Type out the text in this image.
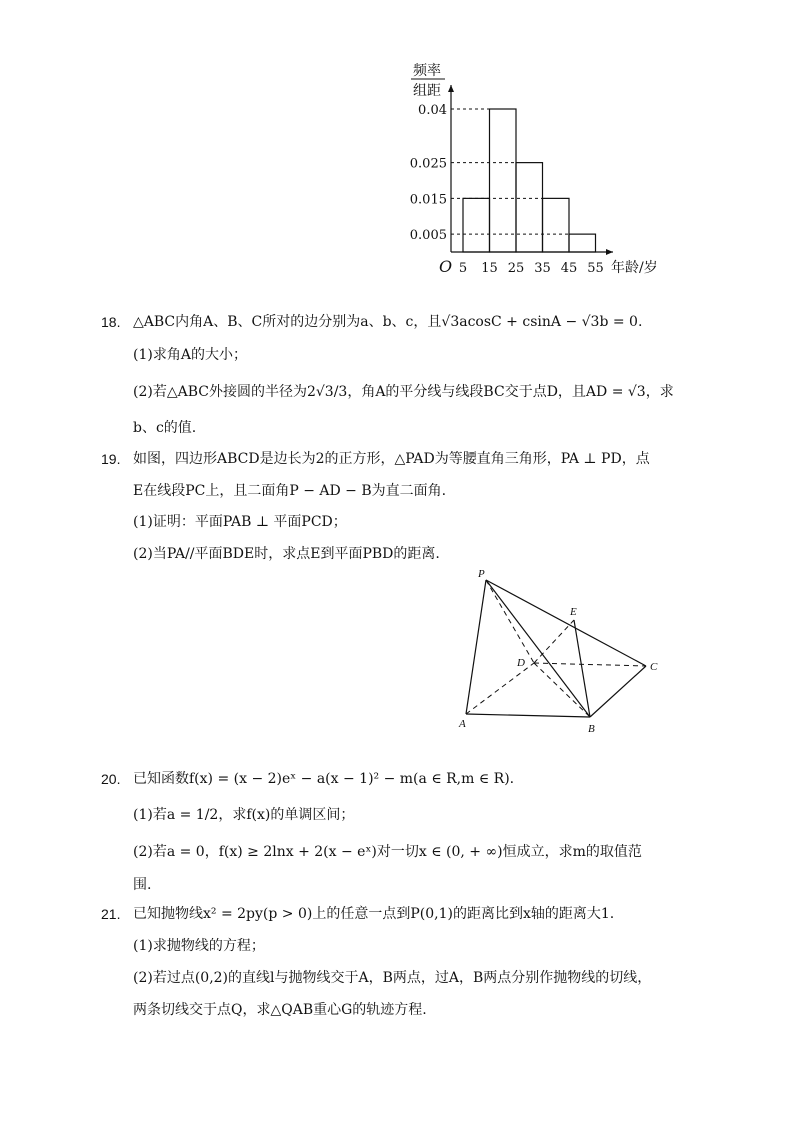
频率
组距
0.04
0.025
0.015
0.005
5 15 25 35 45 55
O	年龄/岁
18. △ABC内角A、B、C所对的边分别为a、b、c，且√3acosC + csinA − √3b = 0.
(1)求角A的大小；
(2)若△ABC外接圆的半径为2√3/3，角A的平分线与线段BC交于点D，且AD = √3，求
b、c的值.
19. 如图，四边形ABCD是边长为2的正方形，△PAD为等腰直角三角形，PA ⊥ PD，点
E在线段PC上，且二面角P − AD − B为直二面角.
(1)证明：平面PAB ⊥ 平面PCD；
(2)当PA//平面BDE时，求点E到平面PBD的距离.
P
E
D	C
A	B
20. 已知函数f(x) = (x − 2)eˣ − a(x − 1)² − m(a ∈ R,m ∈ R).
(1)若a = 1/2，求f(x)的单调区间；
(2)若a = 0，f(x) ≥ 2lnx + 2(x − eˣ)对一切x ∈ (0, + ∞)恒成立，求m的取值范
围.
21. 已知抛物线x² = 2py(p > 0)上的任意一点到P(0,1)的距离比到x轴的距离大1.
(1)求抛物线的方程；
(2)若过点(0,2)的直线l与抛物线交于A，B两点，过A，B两点分别作抛物线的切线，
两条切线交于点Q，求△QAB重心G的轨迹方程.
